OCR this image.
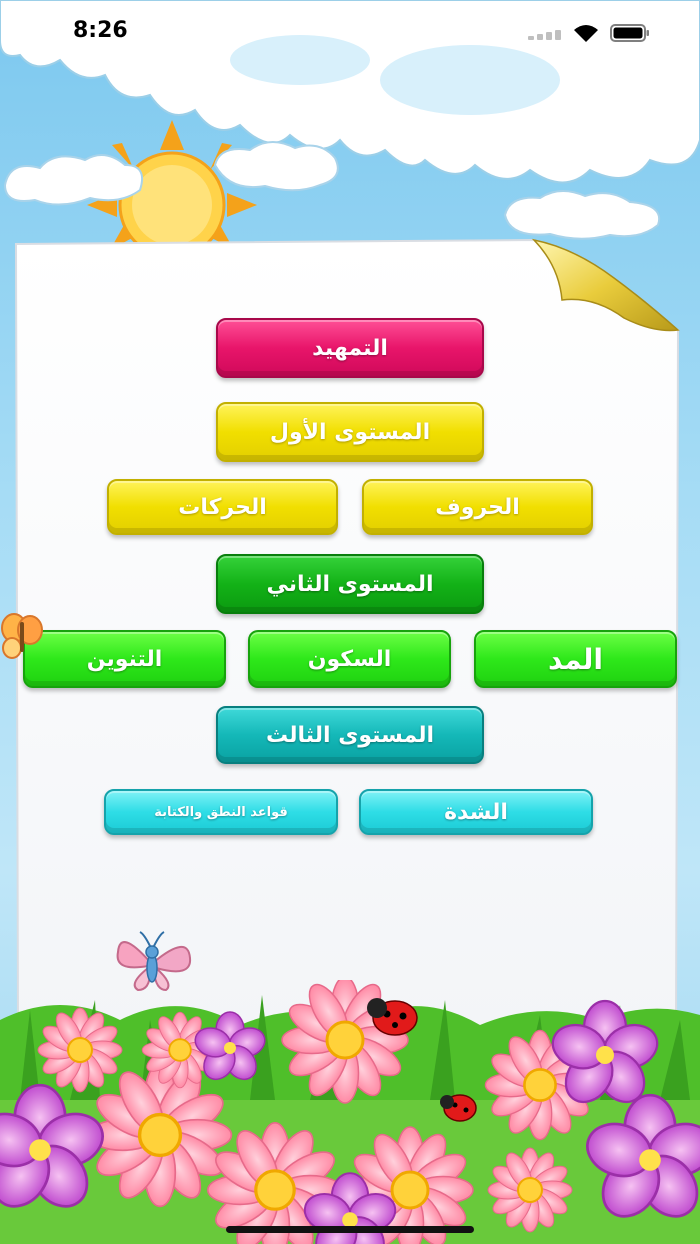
التمهيد
المستوى الأول
الحروف
الحركات
المستوى الثاني
المد
السكون
التنوين
المستوى الثالث
الشدة
قواعد النطق والكتابة
8:26
